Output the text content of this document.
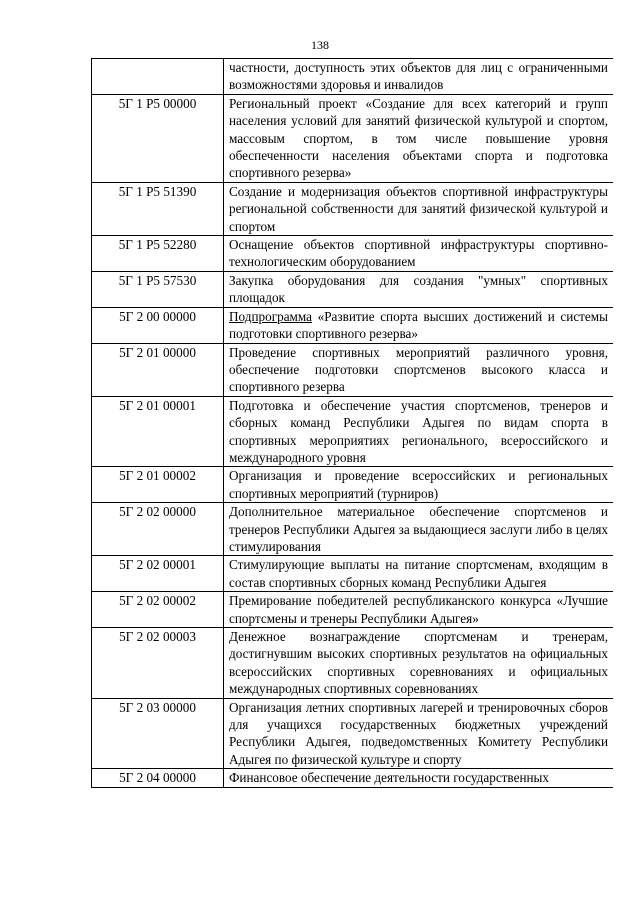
138
	частности, доступность этих объектов для лиц с ограниченными возможностями здоровья и инвалидов
5Г 1 Р5 00000	Региональный проект «Создание для всех категорий и групп населения условий для занятий физической культурой и спортом, массовым спортом, в том числе повышение уровня обеспеченности населения объектами спорта и подготовка спортивного резерва»
5Г 1 Р5 51390	Создание и модернизация объектов спортивной инфраструктуры региональной собственности для занятий физической культурой и спортом
5Г 1 Р5 52280	Оснащение объектов спортивной инфраструктуры спортивно-технологическим оборудованием
5Г 1 Р5 57530	Закупка оборудования для создания "умных" спортивных площадок
5Г 2 00 00000	Подпрограмма «Развитие спорта высших достижений и системы подготовки спортивного резерва»
5Г 2 01 00000	Проведение спортивных мероприятий различного уровня, обеспечение подготовки спортсменов высокого класса и спортивного резерва
5Г 2 01 00001	Подготовка и обеспечение участия спортсменов, тренеров и сборных команд Республики Адыгея по видам спорта в спортивных мероприятиях регионального, всероссийского и международного уровня
5Г 2 01 00002	Организация и проведение всероссийских и региональных спортивных мероприятий (турниров)
5Г 2 02 00000	Дополнительное материальное обеспечение спортсменов и тренеров Республики Адыгея за выдающиеся заслуги либо в целях стимулирования
5Г 2 02 00001	Стимулирующие выплаты на питание спортсменам, входящим в состав спортивных сборных команд Республики Адыгея
5Г 2 02 00002	Премирование победителей республиканского конкурса «Лучшие спортсмены и тренеры Республики Адыгея»
5Г 2 02 00003	Денежное вознаграждение спортсменам и тренерам, достигнувшим высоких спортивных результатов на официальных всероссийских спортивных соревнованиях и официальных международных спортивных соревнованиях
5Г 2 03 00000	Организация летних спортивных лагерей и тренировочных сборов для учащихся государственных бюджетных учреждений Республики Адыгея, подведомственных Комитету Республики Адыгея по физической культуре и спорту
5Г 2 04 00000	Финансовое обеспечение деятельности государственных
